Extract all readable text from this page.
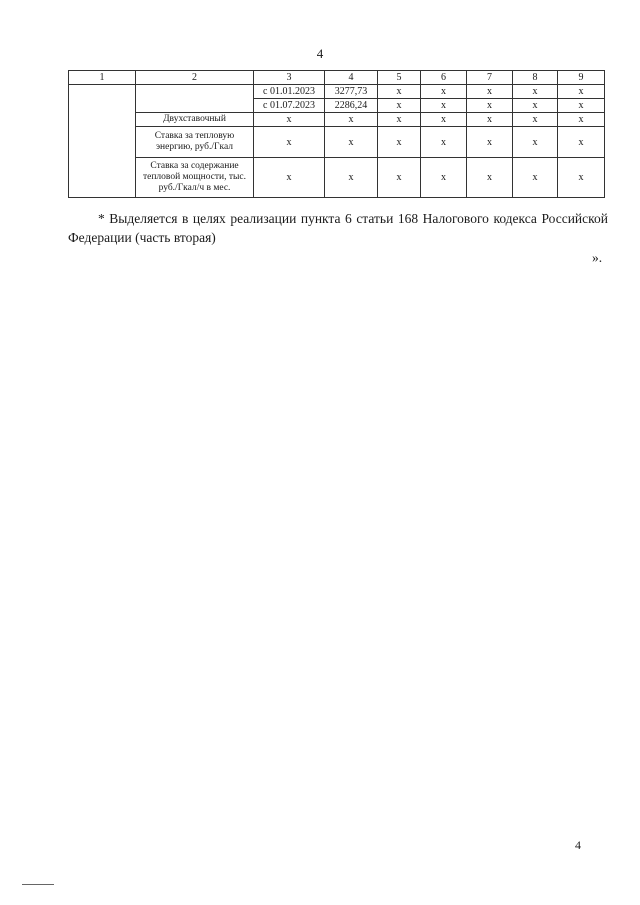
4
1	2	3	4	5	6	7	8	9
		с 01.01.2023	3277,73	x	x	x	x	x
		с 01.07.2023	2286,24	x	x	x	x	x
	Двухставочный	x	x	x	x	x	x	x
	Ставка за тепловую энергию, руб./Гкал	x	x	x	x	x	x	x
	Ставка за содержание тепловой мощности, тыс. руб./Гкал/ч в мес.	x	x	x	x	x	x	x
* Выделяется в целях реализации пункта 6 статьи 168 Налогового кодекса Российской Федерации (часть вторая)
».
4
